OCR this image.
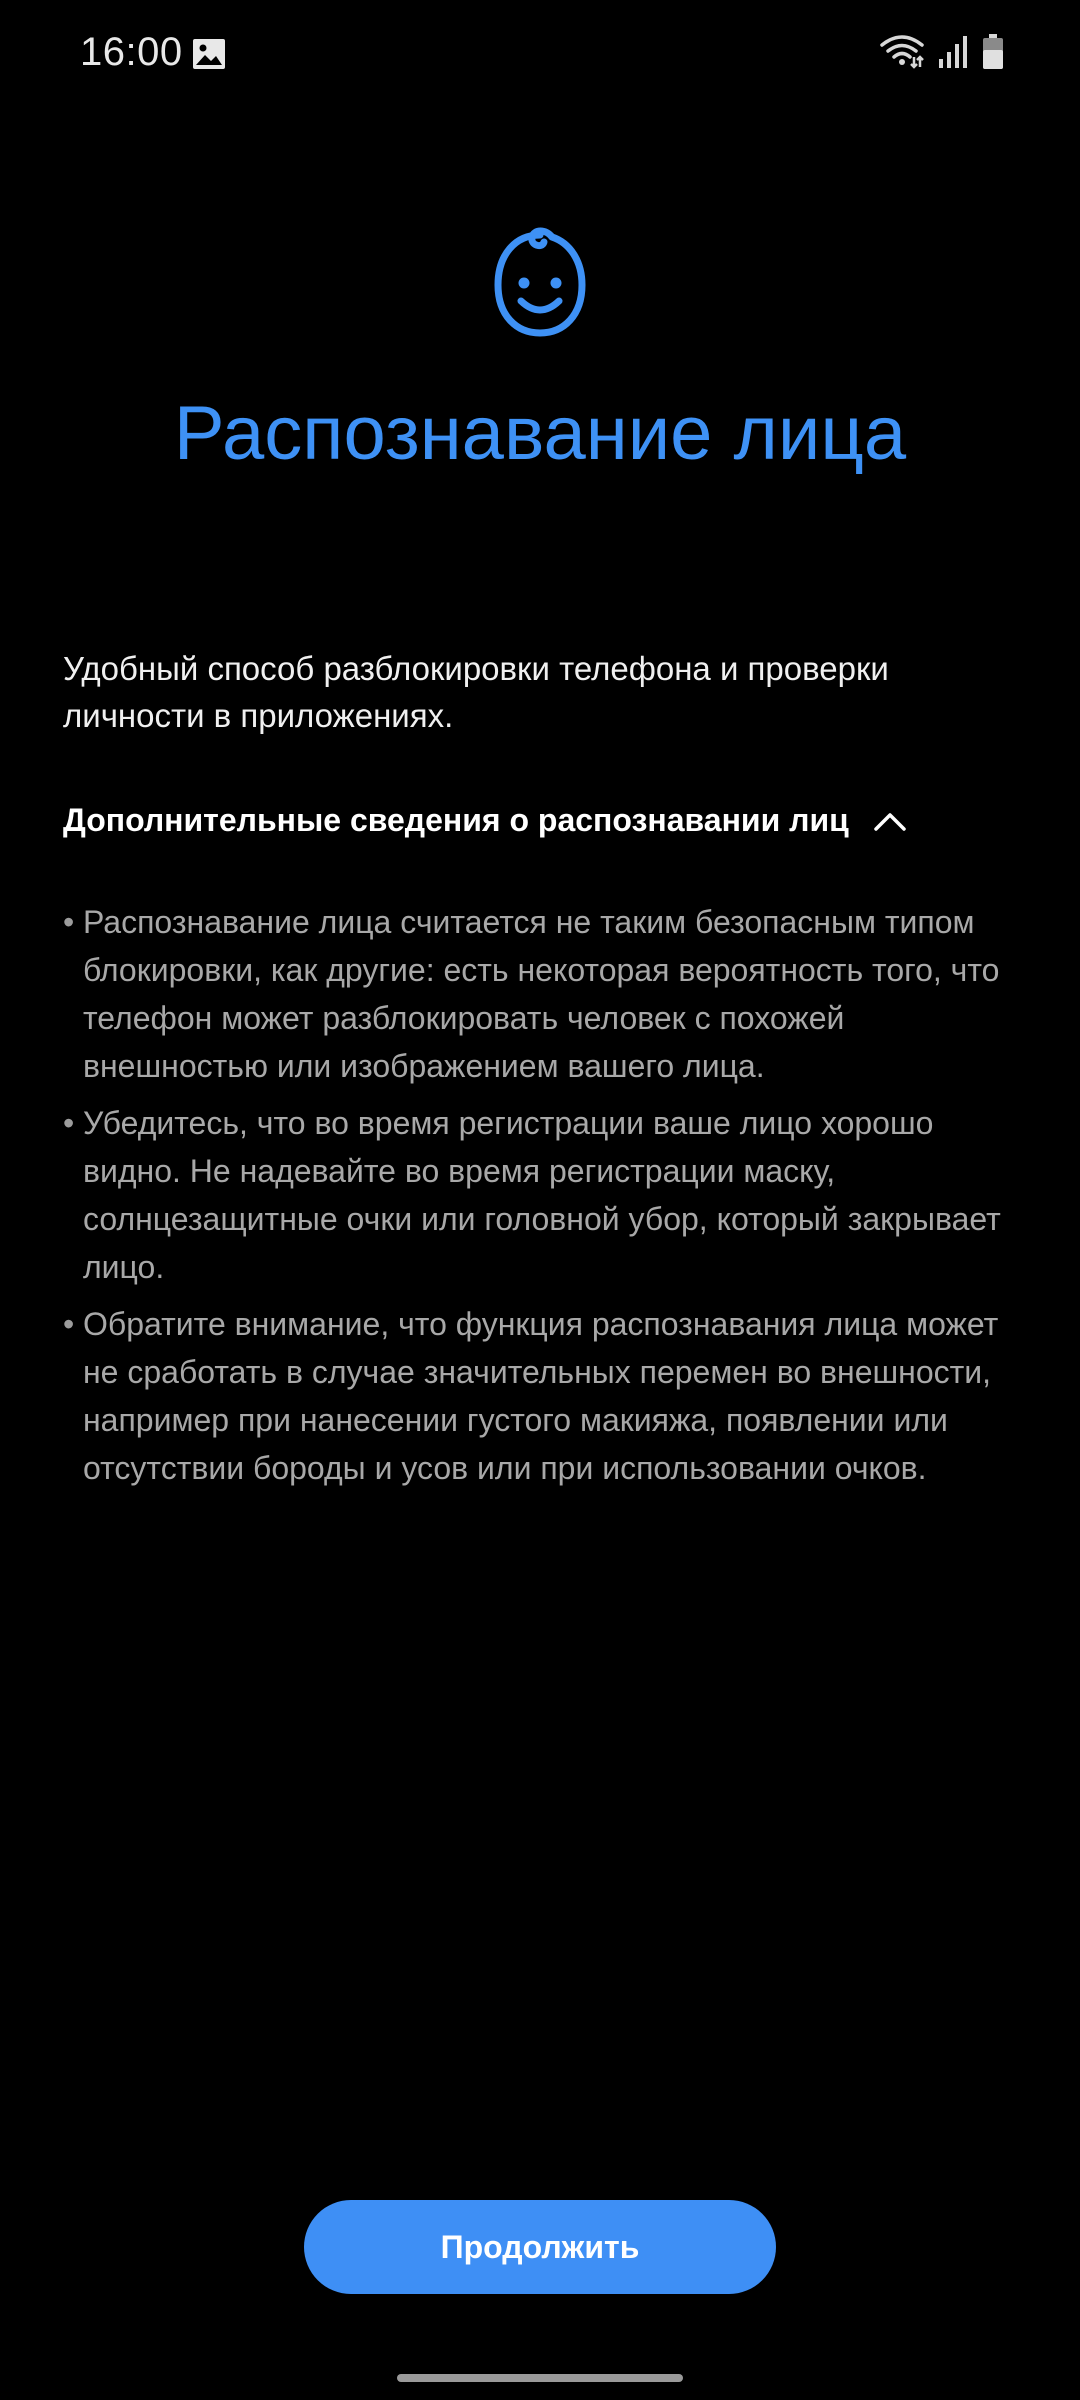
16:00
Распознавание лица
Удобный способ разблокировки телефона и проверки личности в приложениях.
Дополнительные сведения о распознавании лиц
• Распознавание лица считается не таким безопасным типом блокировки, как другие: есть некоторая вероятность того, что телефон может разблокировать человек с похожей внешностью или изображением вашего лица.
• Убедитесь, что во время регистрации ваше лицо хорошо видно. Не надевайте во время регистрации маску, солнцезащитные очки или головной убор, который закрывает лицо.
• Обратите внимание, что функция распознавания лица может не сработать в случае значительных перемен во внешности, например при нанесении густого макияжа, появлении или отсутствии бороды и усов или при использовании очков.
Продолжить
